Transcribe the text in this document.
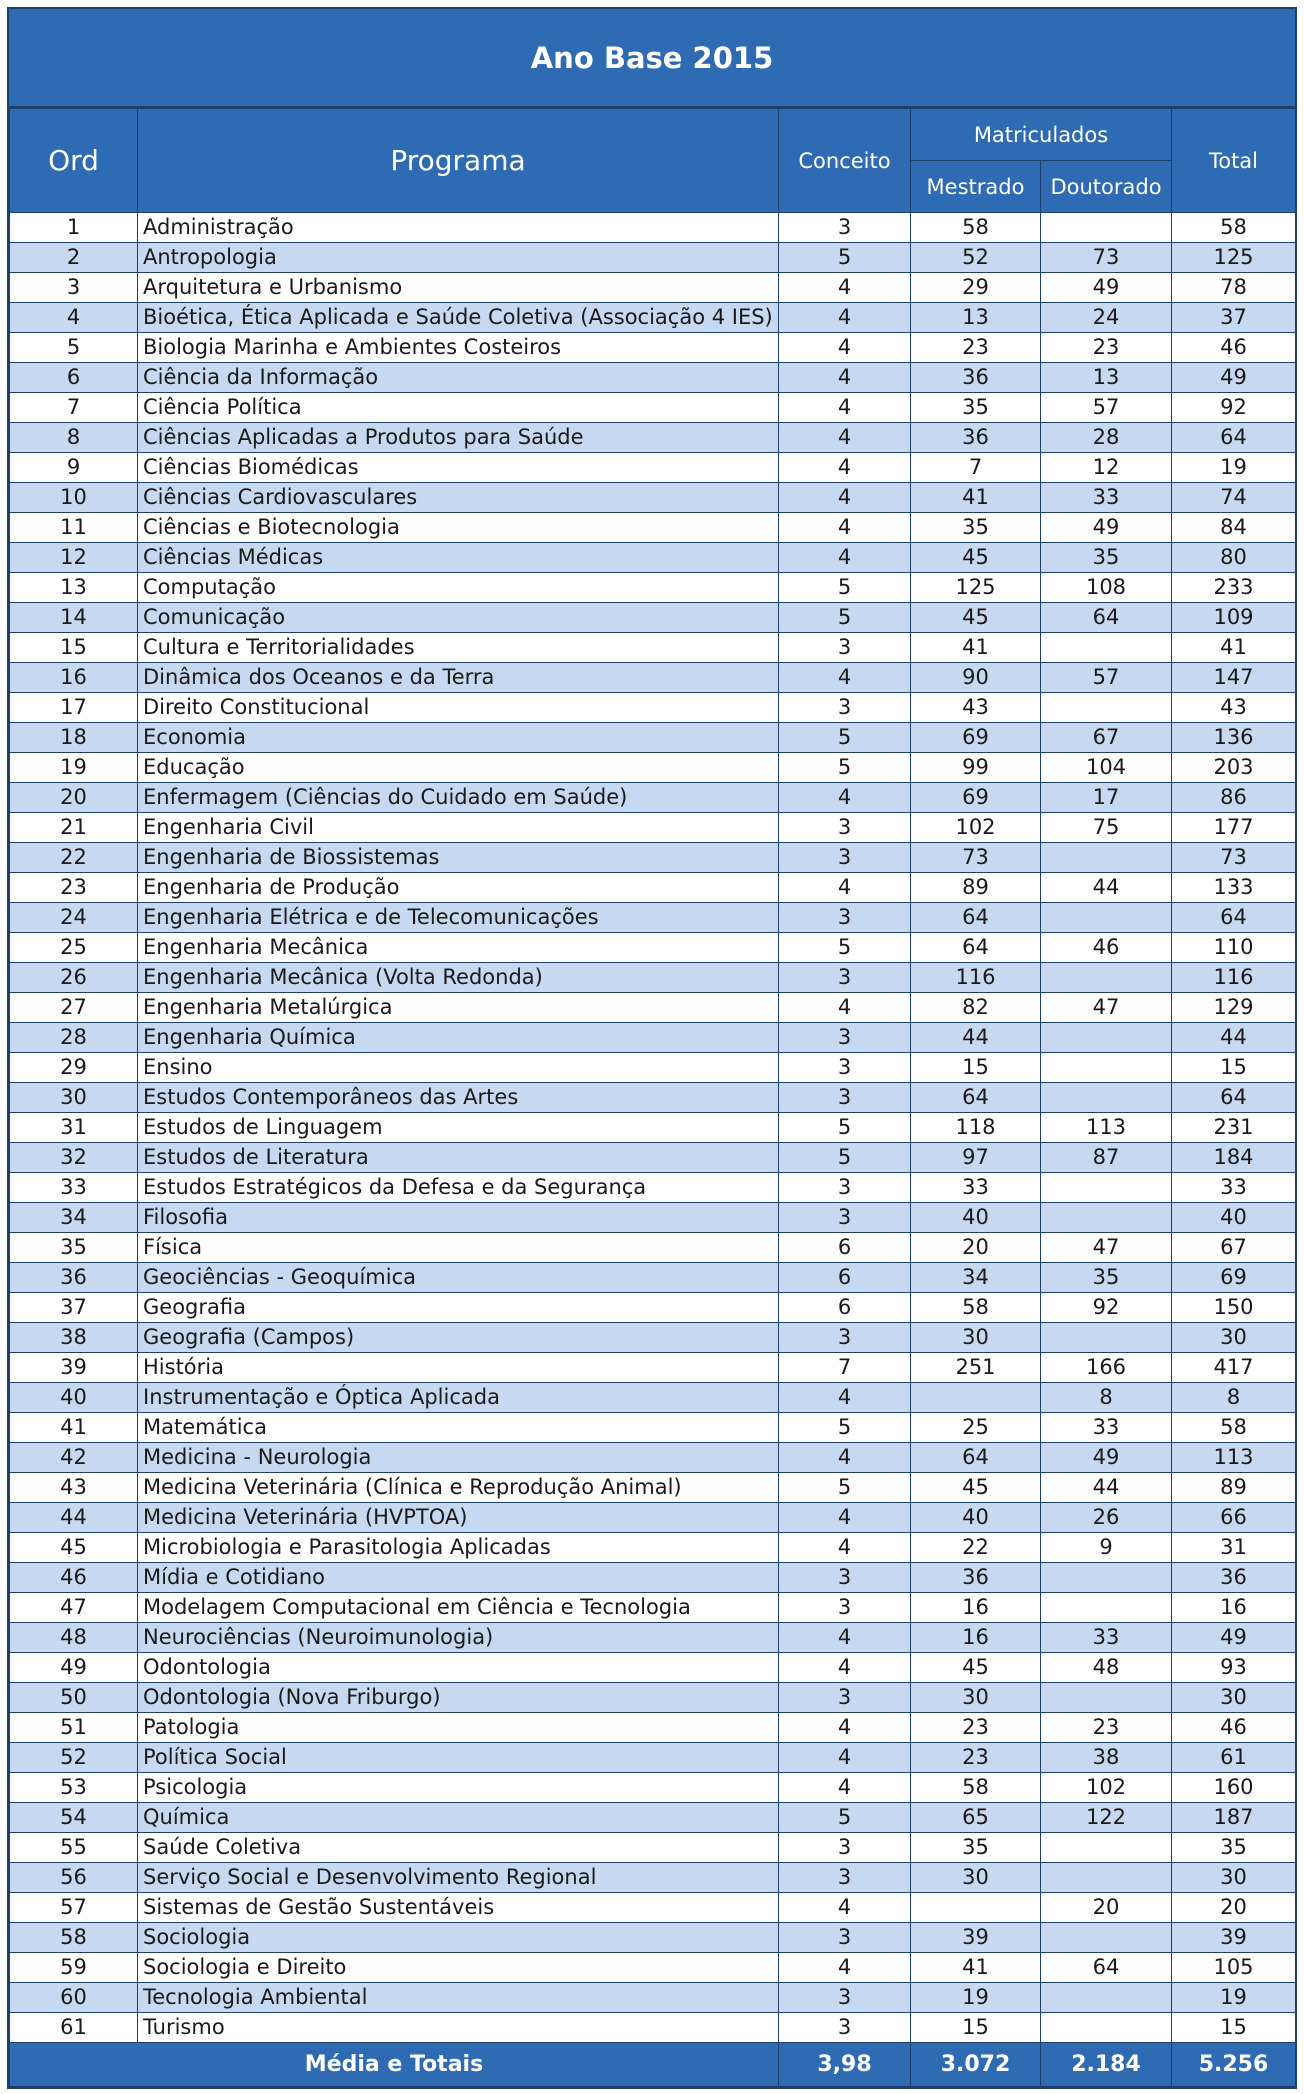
Ano Base 2015
Ord	Programa	Conceito	Matriculados		Total
			Mestrado	Doutorado	
1	Administração	3	58		58
2	Antropologia	5	52	73	125
3	Arquitetura e Urbanismo	4	29	49	78
4	Bioética, Ética Aplicada e Saúde Coletiva (Associação 4 IES)	4	13	24	37
5	Biologia Marinha e Ambientes Costeiros	4	23	23	46
6	Ciência da Informação	4	36	13	49
7	Ciência Política	4	35	57	92
8	Ciências Aplicadas a Produtos para Saúde	4	36	28	64
9	Ciências Biomédicas	4	7	12	19
10	Ciências Cardiovasculares	4	41	33	74
11	Ciências e Biotecnologia	4	35	49	84
12	Ciências Médicas	4	45	35	80
13	Computação	5	125	108	233
14	Comunicação	5	45	64	109
15	Cultura e Territorialidades	3	41		41
16	Dinâmica dos Oceanos e da Terra	4	90	57	147
17	Direito Constitucional	3	43		43
18	Economia	5	69	67	136
19	Educação	5	99	104	203
20	Enfermagem (Ciências do Cuidado em Saúde)	4	69	17	86
21	Engenharia Civil	3	102	75	177
22	Engenharia de Biossistemas	3	73		73
23	Engenharia de Produção	4	89	44	133
24	Engenharia Elétrica e de Telecomunicações	3	64		64
25	Engenharia Mecânica	5	64	46	110
26	Engenharia Mecânica (Volta Redonda)	3	116		116
27	Engenharia Metalúrgica	4	82	47	129
28	Engenharia Química	3	44		44
29	Ensino	3	15		15
30	Estudos Contemporâneos das Artes	3	64		64
31	Estudos de Linguagem	5	118	113	231
32	Estudos de Literatura	5	97	87	184
33	Estudos Estratégicos da Defesa e da Segurança	3	33		33
34	Filosofia	3	40		40
35	Física	6	20	47	67
36	Geociências - Geoquímica	6	34	35	69
37	Geografia	6	58	92	150
38	Geografia (Campos)	3	30		30
39	História	7	251	166	417
40	Instrumentação e Óptica Aplicada	4		8	8
41	Matemática	5	25	33	58
42	Medicina - Neurologia	4	64	49	113
43	Medicina Veterinária (Clínica e Reprodução Animal)	5	45	44	89
44	Medicina Veterinária (HVPTOA)	4	40	26	66
45	Microbiologia e Parasitologia Aplicadas	4	22	9	31
46	Mídia e Cotidiano	3	36		36
47	Modelagem Computacional em Ciência e Tecnologia	3	16		16
48	Neurociências (Neuroimunologia)	4	16	33	49
49	Odontologia	4	45	48	93
50	Odontologia (Nova Friburgo)	3	30		30
51	Patologia	4	23	23	46
52	Política Social	4	23	38	61
53	Psicologia	4	58	102	160
54	Química	5	65	122	187
55	Saúde Coletiva	3	35		35
56	Serviço Social e Desenvolvimento Regional	3	30		30
57	Sistemas de Gestão Sustentáveis	4		20	20
58	Sociologia	3	39		39
59	Sociologia e Direito	4	41	64	105
60	Tecnologia Ambiental	3	19		19
61	Turismo	3	15		15
Média e Totais		3,98	3.072	2.184	5.256
